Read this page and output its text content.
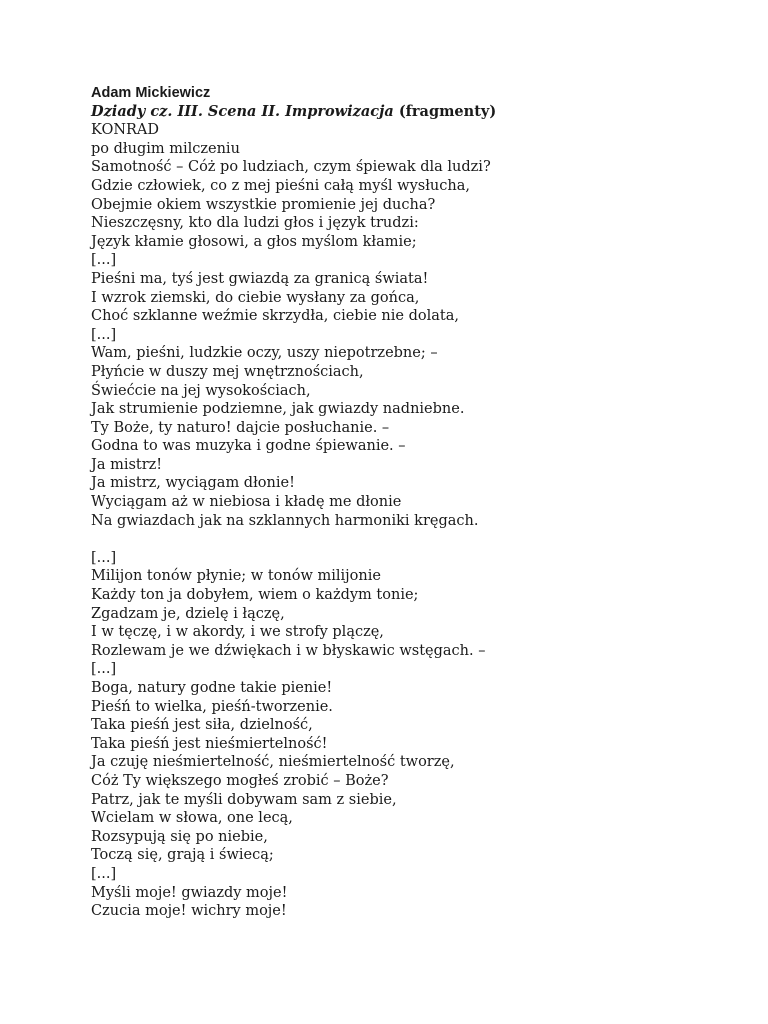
Adam Mickiewicz
Dziady cz. III. Scena II. Improwizacja (fragmenty)
KONRAD
po długim milczeniu
Samotność – Cóż po ludziach, czym śpiewak dla ludzi?
Gdzie człowiek, co z mej pieśni całą myśl wysłucha,
Obejmie okiem wszystkie promienie jej ducha?
Nieszczęsny, kto dla ludzi głos i język trudzi:
Język kłamie głosowi, a głos myślom kłamie;
[...]
Pieśni ma, tyś jest gwiazdą za granicą świata!
I wzrok ziemski, do ciebie wysłany za gońca,
Choć szklanne weźmie skrzydła, ciebie nie dolata,
[...]
Wam, pieśni, ludzkie oczy, uszy niepotrzebne; –
Płyńcie w duszy mej wnętrznościach,
Świećcie na jej wysokościach,
Jak strumienie podziemne, jak gwiazdy nadniebne.
Ty Boże, ty naturo! dajcie posłuchanie. –
Godna to was muzyka i godne śpiewanie. –
Ja mistrz!
Ja mistrz, wyciągam dłonie!
Wyciągam aż w niebiosa i kładę me dłonie
Na gwiazdach jak na szklannych harmoniki kręgach.
[...]
Milijon tonów płynie; w tonów milijonie
Każdy ton ja dobyłem, wiem o każdym tonie;
Zgadzam je, dzielę i łączę,
I w tęczę, i w akordy, i we strofy plączę,
Rozlewam je we dźwiękach i w błyskawic wstęgach. –
[...]
Boga, natury godne takie pienie!
Pieśń to wielka, pieśń-tworzenie.
Taka pieśń jest siła, dzielność,
Taka pieśń jest nieśmiertelność!
Ja czuję nieśmiertelność, nieśmiertelność tworzę,
Cóż Ty większego mogłeś zrobić – Boże?
Patrz, jak te myśli dobywam sam z siebie,
Wcielam w słowa, one lecą,
Rozsypują się po niebie,
Toczą się, grają i świecą;
[...]
Myśli moje! gwiazdy moje!
Czucia moje! wichry moje!
